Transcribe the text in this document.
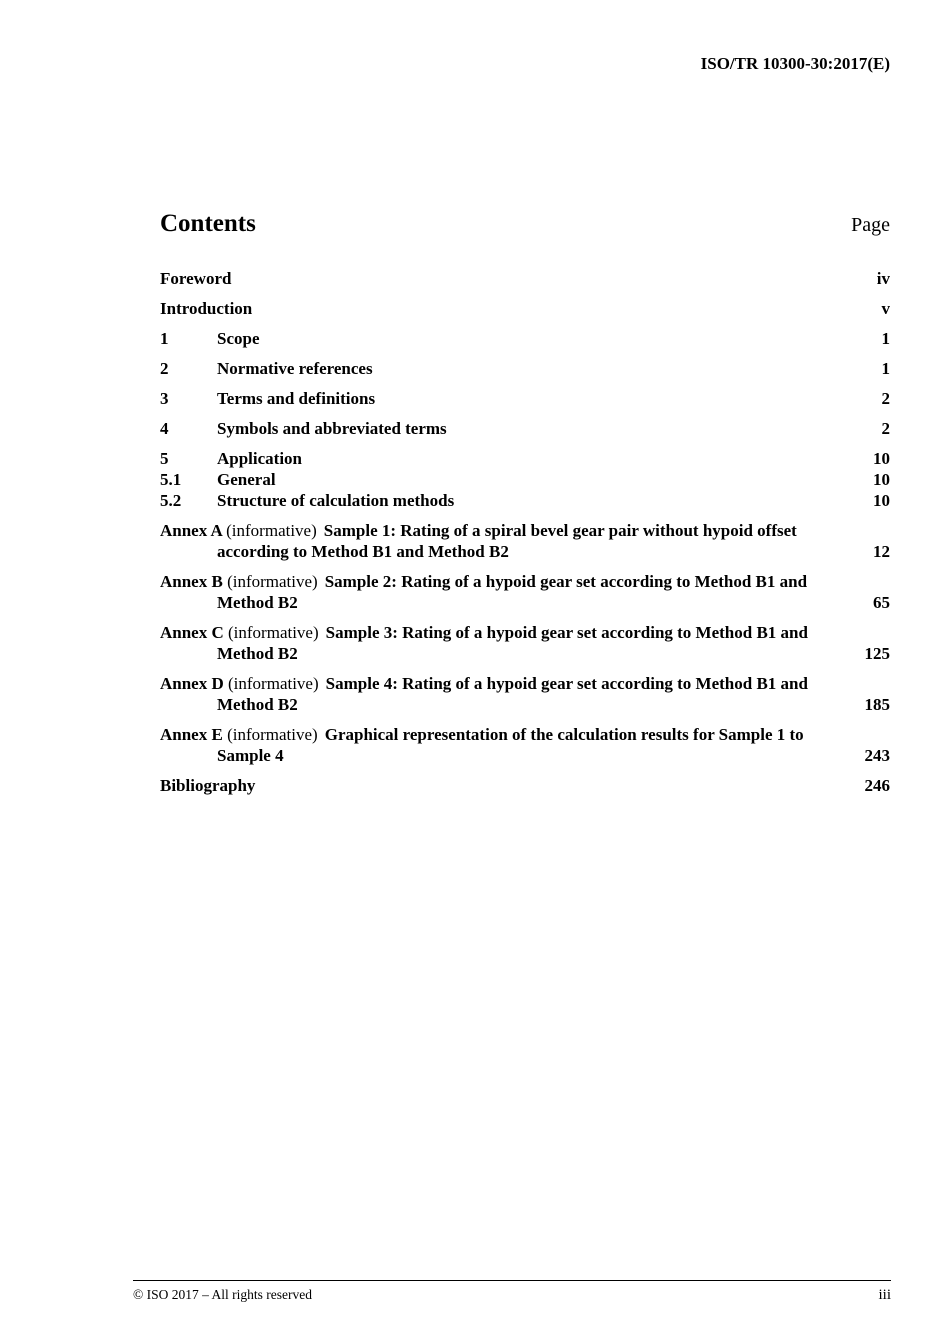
ISO/TR 10300-30:2017(E)
Contents	Page
Foreword	iv
Introduction	v
1	Scope	1
2	Normative references	1
3	Terms and definitions	2
4	Symbols and abbreviated terms	2
5	Application	10
5.1	General	10
5.2	Structure of calculation methods	10
Annex A (informative) Sample 1: Rating of a spiral bevel gear pair without hypoid offset according to Method B1 and Method B2	12
Annex B (informative) Sample 2: Rating of a hypoid gear set according to Method B1 and Method B2	65
Annex C (informative) Sample 3: Rating of a hypoid gear set according to Method B1 and Method B2	125
Annex D (informative) Sample 4: Rating of a hypoid gear set according to Method B1 and Method B2	185
Annex E (informative) Graphical representation of the calculation results for Sample 1 to Sample 4	243
Bibliography	246
© ISO 2017 – All rights reserved	iii
